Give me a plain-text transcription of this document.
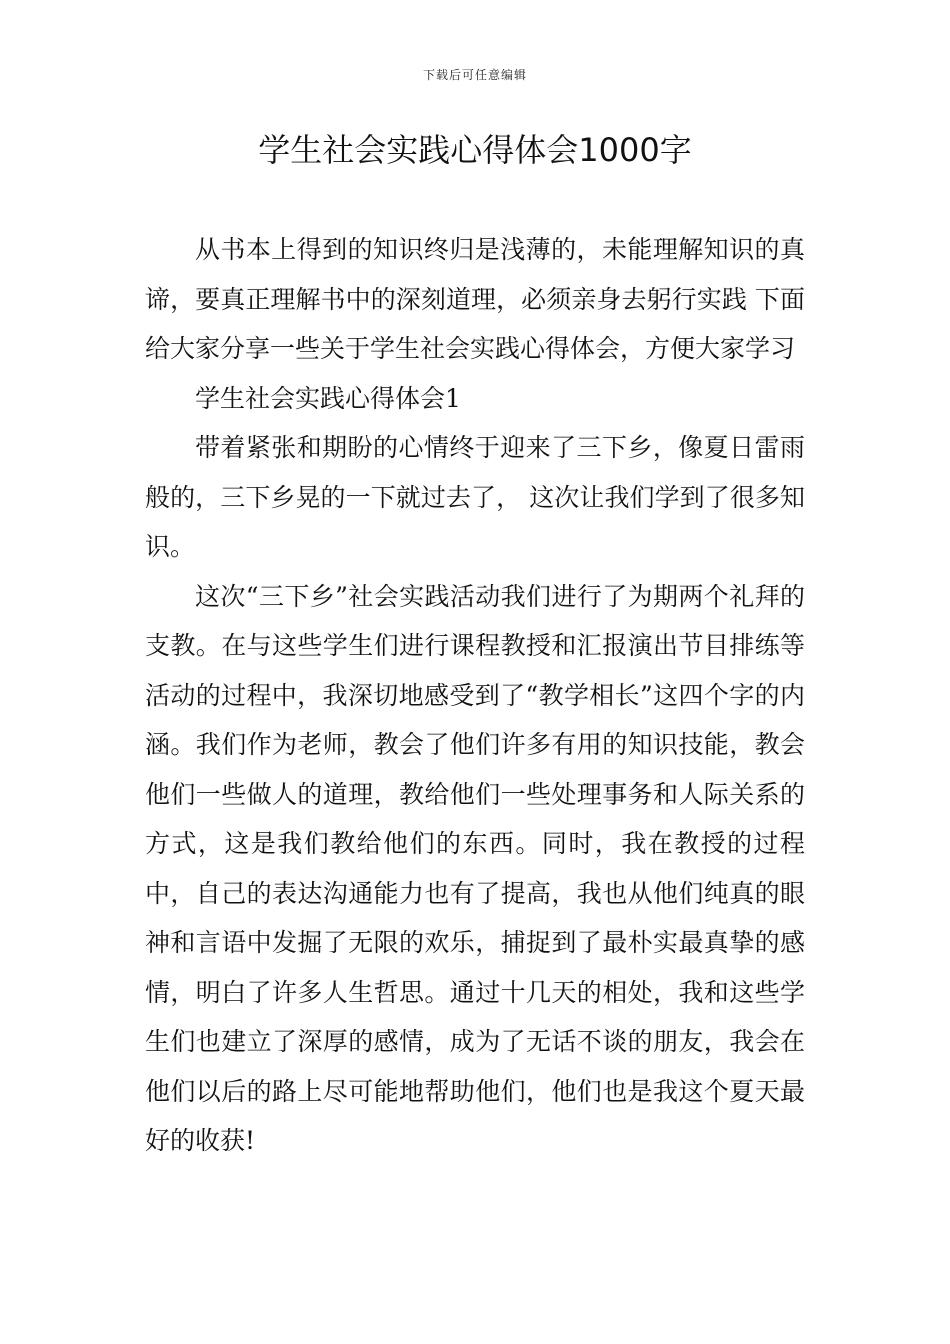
下载后可任意编辑
学生社会实践心得体会1000字

从书本上得到的知识终归是浅薄的，未能理解知识的真谛，要真正理解书中的深刻道理，必须亲身去躬行实践 下面给大家分享一些关于学生社会实践心得体会，方便大家学习

学生社会实践心得体会1

带着紧张和期盼的心情终于迎来了三下乡，像夏日雷雨般的，三下乡晃的一下就过去了， 这次让我们学到了很多知识。

这次“三下乡”社会实践活动我们进行了为期两个礼拜的支教。在与这些学生们进行课程教授和汇报演出节目排练等活动的过程中，我深切地感受到了“教学相长”这四个字的内涵。我们作为老师，教会了他们许多有用的知识技能，教会他们一些做人的道理，教给他们一些处理事务和人际关系的方式，这是我们教给他们的东西。同时，我在教授的过程中，自己的表达沟通能力也有了提高，我也从他们纯真的眼神和言语中发掘了无限的欢乐，捕捉到了最朴实最真挚的感情，明白了许多人生哲思。通过十几天的相处，我和这些学生们也建立了深厚的感情，成为了无话不谈的朋友，我会在他们以后的路上尽可能地帮助他们，他们也是我这个夏天最好的收获!
